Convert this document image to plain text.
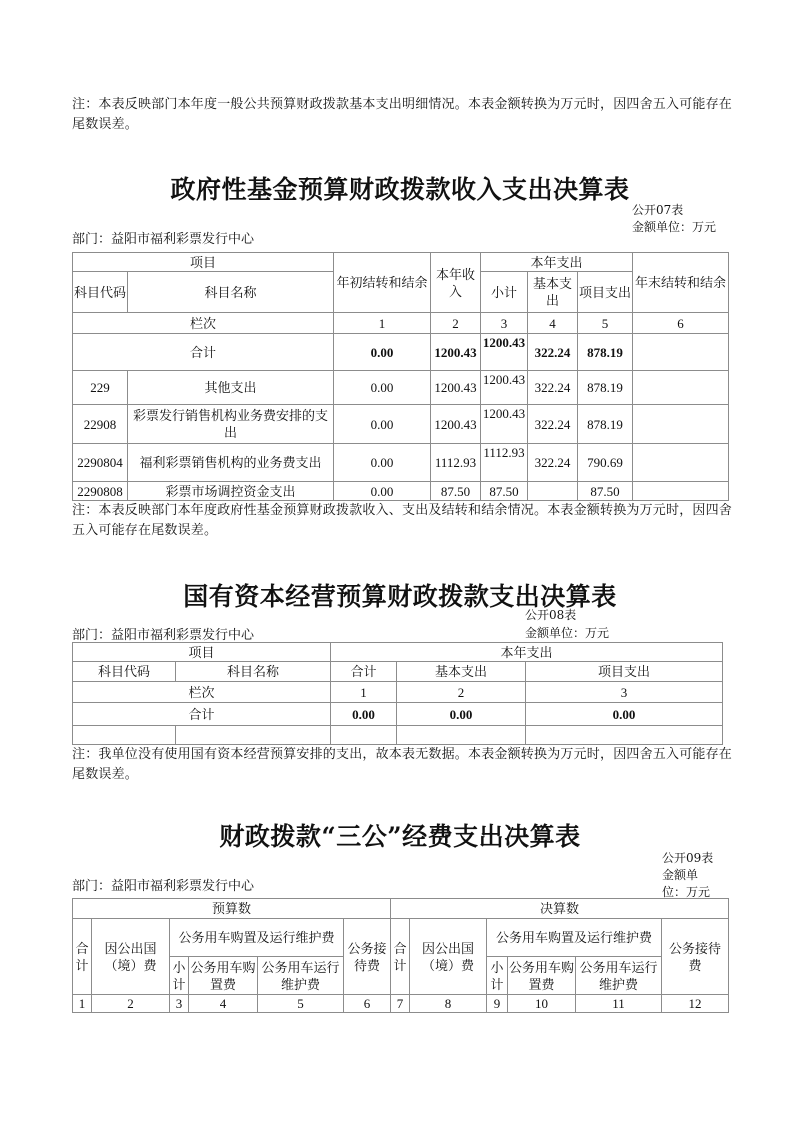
注：本表反映部门本年度一般公共预算财政拨款基本支出明细情况。本表金额转换为万元时，因四舍五入可能存在尾数误差。
政府性基金预算财政拨款收入支出决算表
公开07表
金额单位：万元
部门：益阳市福利彩票发行中心
项目		年初结转和结余	本年收入	本年支出			年末结转和结余
科目代码	科目名称			小计	基本支出	项目支出	
栏次		1	2	3	4	5	6
合计		0.00	1200.43	1200.43	322.24	878.19	
229	其他支出	0.00	1200.43	1200.43	322.24	878.19	
22908	彩票发行销售机构业务费安排的支出	0.00	1200.43	1200.43	322.24	878.19	
2290804	福利彩票销售机构的业务费支出	0.00	1112.93	1112.93	322.24	790.69	
2290808	彩票市场调控资金支出	0.00	87.50	87.50		87.50	
注：本表反映部门本年度政府性基金预算财政拨款收入、支出及结转和结余情况。本表金额转换为万元时，因四舍五入可能存在尾数误差。
国有资本经营预算财政拨款支出决算表
公开08表
金额单位：万元
部门：益阳市福利彩票发行中心
项目		本年支出		
科目代码	科目名称	合计	基本支出	项目支出
栏次		1	2	3
合计		0.00	0.00	0.00

注：我单位没有使用国有资本经营预算安排的支出，故本表无数据。本表金额转换为万元时，因四舍五入可能存在尾数误差。
财政拨款“三公”经费支出决算表
公开09表
金额单位：万元
部门：益阳市福利彩票发行中心
预算数						决算数					
合计	因公出国（境）费	公务用车购置及运行维护费			公务接待费	合计	因公出国（境）费	公务用车购置及运行维护费			公务接待费
		小计	公务用车购置费	公务用车运行维护费				小计	公务用车购置费	公务用车运行维护费	
1	2	3	4	5	6	7	8	9	10	11	12
